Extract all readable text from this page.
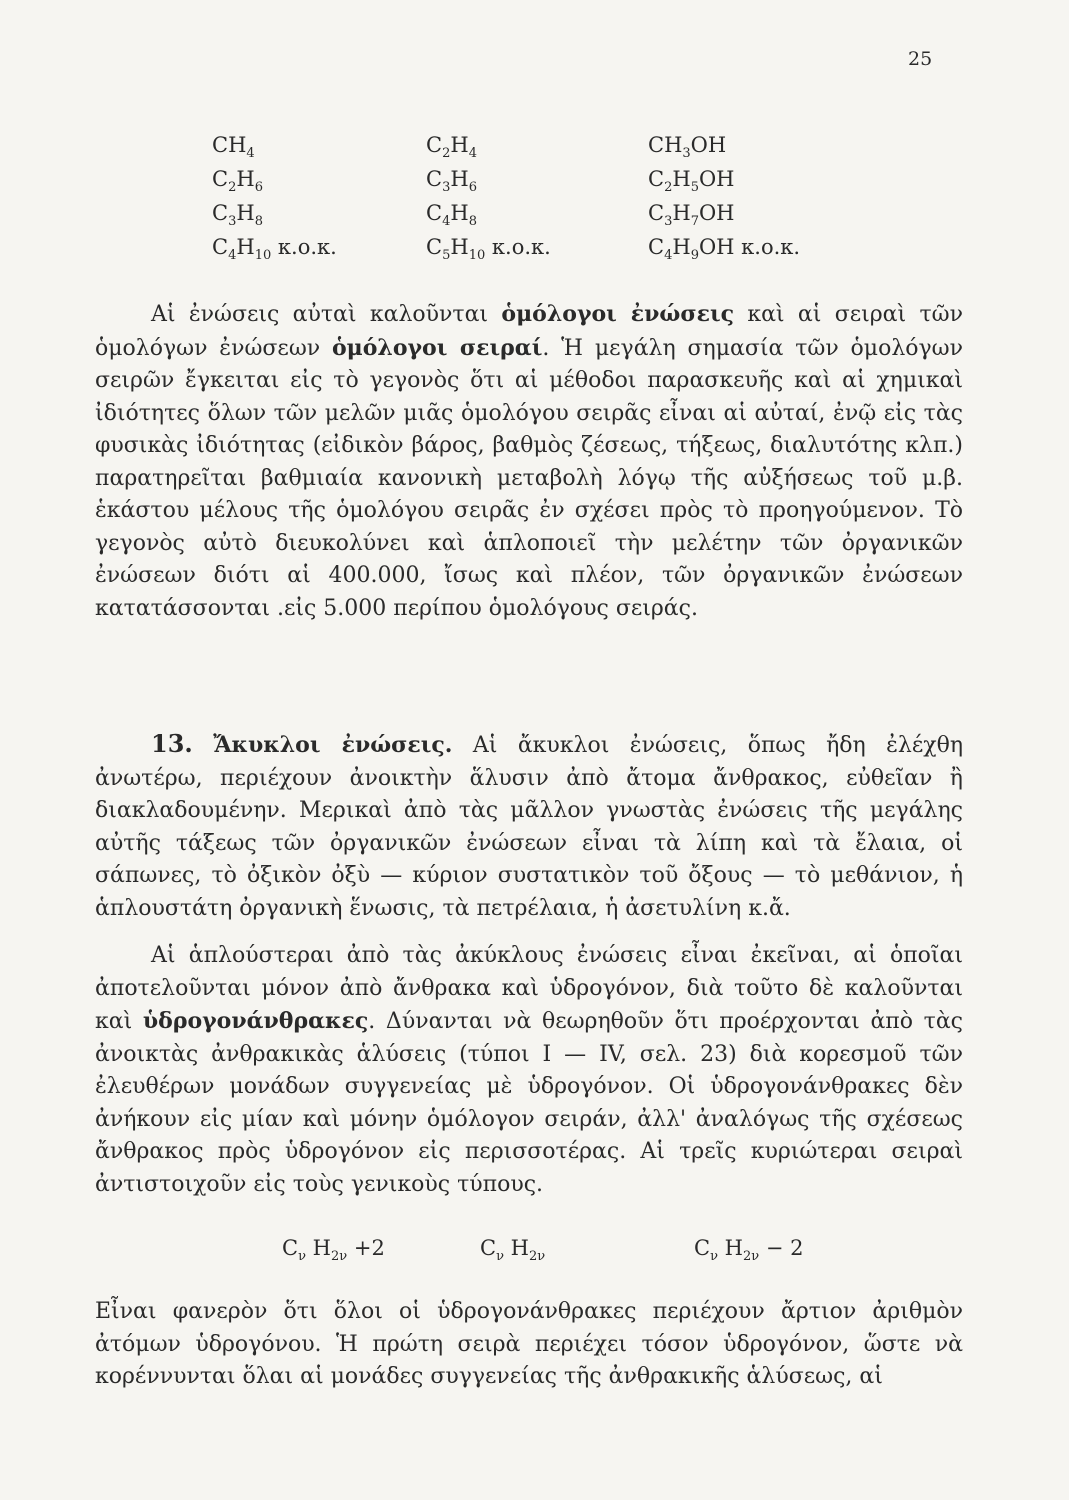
25
$CH_4$
$C_2H_6$
$C_3H_8$
$C_4H_{10}$ κ.ο.κ.
$C_2H_4$
$C_3H_6$
$C_4H_8$
$C_5H_{10}$ κ.ο.κ.
$CH_3OH$
$C_2H_5OH$
$C_3H_7OH$
$C_4H_9OH$ κ.ο.κ.

Αἱ ἐνώσεις αὐταὶ καλοῦνται ὁμόλογοι ἐνώσεις καὶ αἱ σειραὶ τῶν ὁμολόγων ἐνώσεων ὁμόλογοι σειραί. Ἡ μεγάλη σημασία τῶν ὁμολόγων σειρῶν ἔγκειται εἰς τὸ γεγονὸς ὅτι αἱ μέθοδοι παρασκευῆς καὶ αἱ χημικαὶ ἰδιότητες ὅλων τῶν μελῶν μιᾶς ὁμολόγου σειρᾶς εἶναι αἱ αὐταί, ἐνῷ εἰς τὰς φυσικὰς ἰδιότητας (εἰδικὸν βάρος, βαθμὸς ζέσεως, τήξεως, διαλυτότης κλπ.) παρατηρεῖται βαθμιαία κανονικὴ μεταβολὴ λόγῳ τῆς αὐξήσεως τοῦ μ.β. ἑκάστου μέλους τῆς ὁμολόγου σειρᾶς ἐν σχέσει πρὸς τὸ προηγούμενον. Τὸ γεγονὸς αὐτὸ διευκολύνει καὶ ἁπλοποιεῖ τὴν μελέτην τῶν ὀργανικῶν ἐνώσεων διότι αἱ 400.000, ἴσως καὶ πλέον, τῶν ὀργανικῶν ἐνώσεων κατατάσσονται .εἰς 5.000 περίπου ὁμολόγους σειράς.

13. Ἄκυκλοι ἐνώσεις. Αἱ ἄκυκλοι ἐνώσεις, ὅπως ἤδη ἐλέχθη ἀνωτέρω, περιέχουν ἀνοικτὴν ἅλυσιν ἀπὸ ἄτομα ἄνθρακος, εὐθεῖαν ἢ διακλαδουμένην. Μερικαὶ ἀπὸ τὰς μᾶλλον γνωστὰς ἐνώσεις τῆς μεγάλης αὐτῆς τάξεως τῶν ὀργανικῶν ἐνώσεων εἶναι τὰ λίπη καὶ τὰ ἔλαια, οἱ σάπωνες, τὸ ὀξικὸν ὀξὺ — κύριον συστατικὸν τοῦ ὄξους — τὸ μεθάνιον, ἡ ἁπλουστάτη ὀργανικὴ ἕνωσις, τὰ πετρέλαια, ἡ ἀσετυλίνη κ.ἄ.

Αἱ ἁπλούστεραι ἀπὸ τὰς ἀκύκλους ἐνώσεις εἶναι ἐκεῖναι, αἱ ὁποῖαι ἀποτελοῦνται μόνον ἀπὸ ἄνθρακα καὶ ὑδρογόνον, διὰ τοῦτο δὲ καλοῦνται καὶ ὑδρογονάνθρακες. Δύνανται νὰ θεωρηθοῦν ὅτι προέρχονται ἀπὸ τὰς ἀνοικτὰς ἀνθρακικὰς ἁλύσεις (τύποι I — IV, σελ. 23) διὰ κορεσμοῦ τῶν ἐλευθέρων μονάδων συγγενείας μὲ ὑδρογόνον. Οἱ ὑδρογονάνθρακες δὲν ἀνήκουν εἰς μίαν καὶ μόνην ὁμόλογον σειράν, ἀλλ' ἀναλόγως τῆς σχέσεως ἄνθρακος πρὸς ὑδρογόνον εἰς περισσοτέρας. Αἱ τρεῖς κυριώτεραι σειραὶ ἀντιστοιχοῦν εἰς τοὺς γενικοὺς τύπους.

$C_\nu$ $H_{2\nu} +2$	$C_\nu$ $H_{2\nu}$	$C_\nu$ $H_{2\nu} - 2$

Εἶναι φανερὸν ὅτι ὅλοι οἱ ὑδρογονάνθρακες περιέχουν ἄρτιον ἀριθμὸν ἀτόμων ὑδρογόνου. Ἡ πρώτη σειρὰ περιέχει τόσον ὑδρογόνον, ὥστε νὰ κορέννυνται ὅλαι αἱ μονάδες συγγενείας τῆς ἀνθρακικῆς ἁλύσεως, αἱ
